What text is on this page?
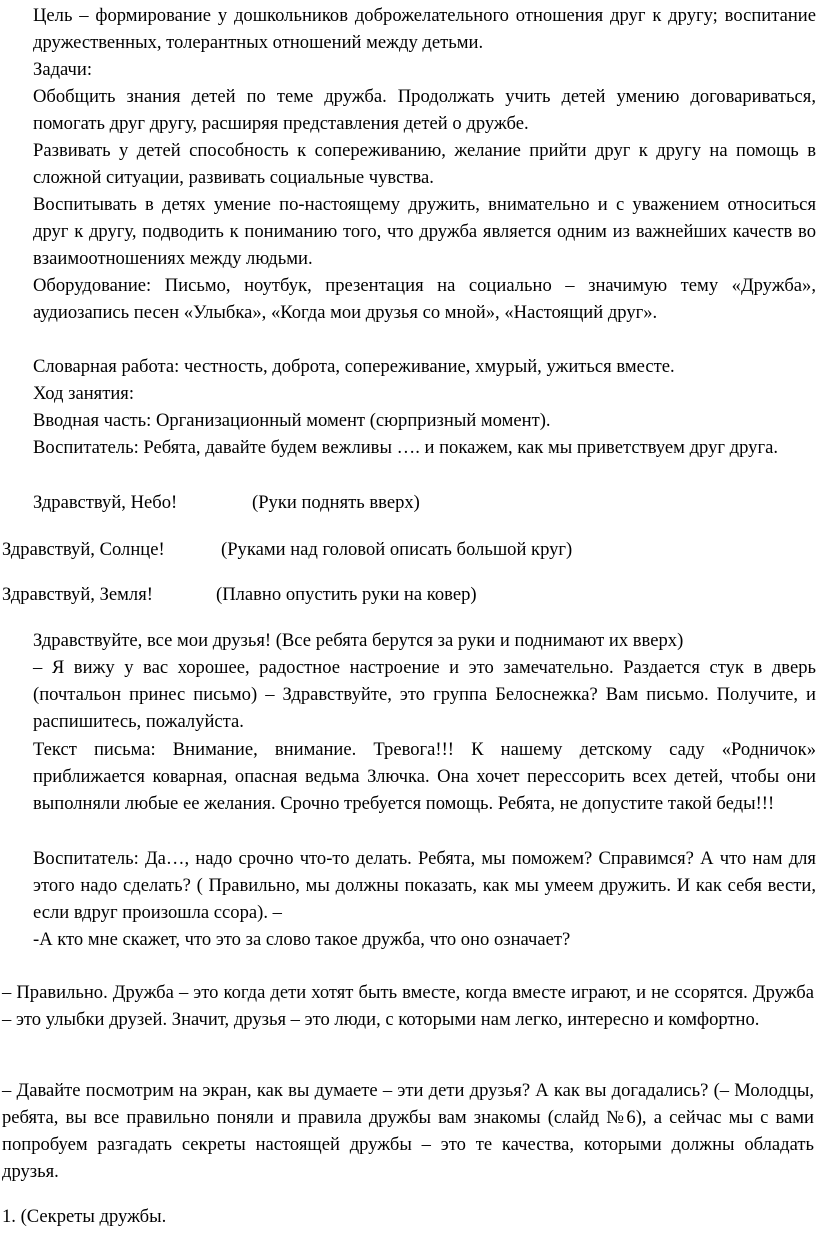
Цель – формирование у дошкольников доброжелательного отношения друг к другу; воспитание дружественных, толерантных отношений между детьми.

Задачи:

Обобщить знания детей по теме дружба. Продолжать учить детей умению договариваться, помогать друг другу, расширяя представления детей о дружбе.

Развивать у детей способность к сопереживанию, желание прийти друг к другу на помощь в сложной ситуации, развивать социальные чувства.

Воспитывать в детях умение по-настоящему дружить, внимательно и с уважением относиться друг к другу, подводить к пониманию того, что дружба является одним из важнейших качеств во взаимоотношениях между людьми.

Оборудование: Письмо, ноутбук, презентация на социально – значимую тему «Дружба», аудиозапись песен «Улыбка», «Когда мои друзья со мной», «Настоящий друг».

Словарная работа: честность, доброта, сопереживание, хмурый, ужиться вместе.

Ход занятия:

Вводная часть: Организационный момент (сюрпризный момент).

Воспитатель: Ребята, давайте будем вежливы …. и покажем, как мы приветствуем друг друга.

Здравствуй, Небо!	(Руки поднять вверх)
Здравствуй, Солнце!	(Руками над головой описать большой круг)
Здравствуй, Земля!	(Плавно опустить руки на ковер)

Здравствуйте, все мои друзья! (Все ребята берутся за руки и поднимают их вверх)

– Я вижу у вас хорошее, радостное настроение и это замечательно. Раздается стук в дверь (почтальон принес письмо) – Здравствуйте, это группа Белоснежка? Вам письмо. Получите, и распишитесь, пожалуйста.

Текст письма: Внимание, внимание. Тревога!!! К нашему детскому саду «Родничок» приближается коварная, опасная ведьма Злючка. Она хочет перессорить всех детей, чтобы они выполняли любые ее желания. Срочно требуется помощь. Ребята, не допустите такой беды!!!

Воспитатель: Да…, надо срочно что-то делать. Ребята, мы поможем? Справимся? А что нам для этого надо сделать? ( Правильно, мы должны показать, как мы умеем дружить. И как себя вести, если вдруг произошла ссора). –

-А кто мне скажет, что это за слово такое дружба, что оно означает?

– Правильно. Дружба – это когда дети хотят быть вместе, когда вместе играют, и не ссорятся. Дружба – это улыбки друзей. Значит, друзья – это люди, с которыми нам легко, интересно и комфортно.

– Давайте посмотрим на экран, как вы думаете – эти дети друзья? А как вы догадались? (– Молодцы, ребята, вы все правильно поняли и правила дружбы вам знакомы (слайд №6), а сейчас мы с вами попробуем разгадать секреты настоящей дружбы – это те качества, которыми должны обладать друзья.

1. (Секреты дружбы.
